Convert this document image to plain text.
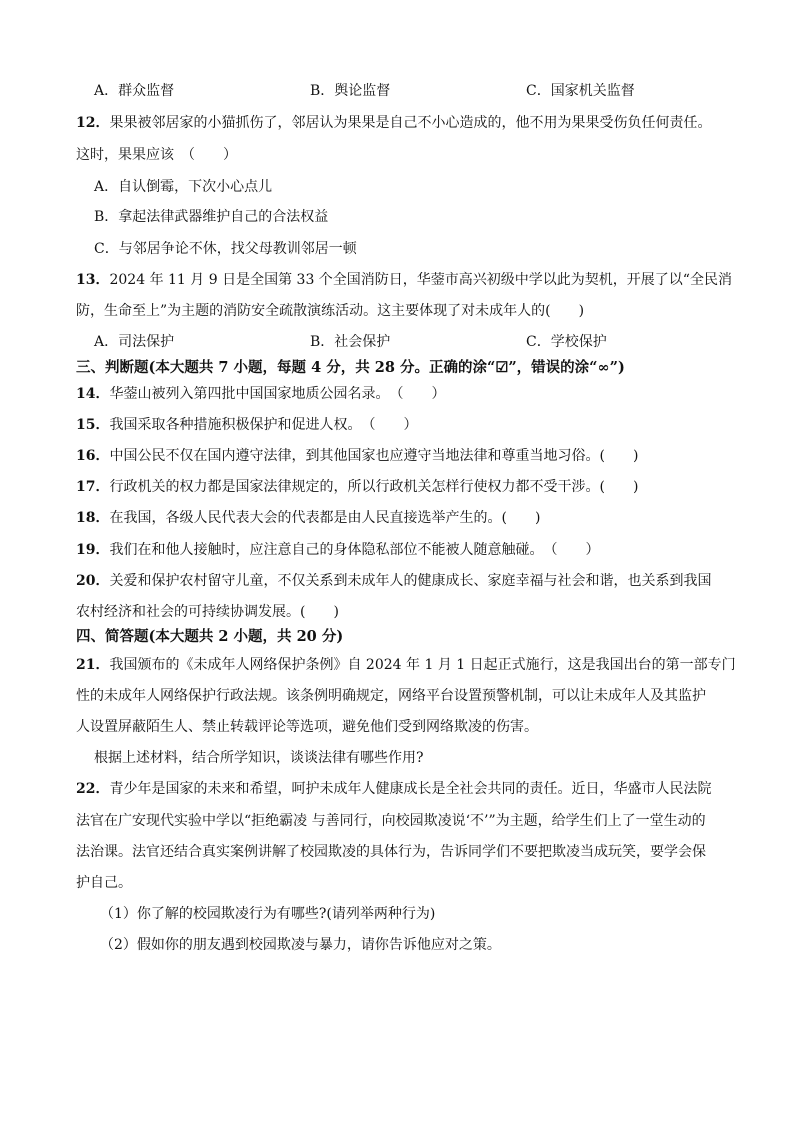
A．群众监督	B．舆论监督	C．国家机关监督
12．果果被邻居家的小猫抓伤了，邻居认为果果是自己不小心造成的，他不用为果果受伤负任何责任。
这时，果果应该　（　　）
A．自认倒霉，下次小心点儿
B．拿起法律武器维护自己的合法权益
C．与邻居争论不休，找父母教训邻居一顿
13．2024 年 11 月 9 日是全国第 33 个全国消防日，华蓥市高兴初级中学以此为契机，开展了以“全民消
防，生命至上”为主题的消防安全疏散演练活动。这主要体现了对未成年人的(　　)
A．司法保护	B．社会保护	C．学校保护
三、判断题(本大题共 7 小题，每题 4 分，共 28 分。正确的涂“☑”，错误的涂“∞”)
14．华蓥山被列入第四批中国国家地质公园名录。　（　　）
15．我国采取各种措施积极保护和促进人权。　（　　）
16．中国公民不仅在国内遵守法律，到其他国家也应遵守当地法律和尊重当地习俗。(　　)
17．行政机关的权力都是国家法律规定的，所以行政机关怎样行使权力都不受干涉。(　　)
18．在我国，各级人民代表大会的代表都是由人民直接选举产生的。(　　)
19．我们在和他人接触时，应注意自己的身体隐私部位不能被人随意触碰。　（　　）
20．关爱和保护农村留守儿童，不仅关系到未成年人的健康成长、家庭幸福与社会和谐，也关系到我国
农村经济和社会的可持续协调发展。(　　)
四、简答题(本大题共 2 小题，共 20 分)
21．我国颁布的《未成年人网络保护条例》自 2024 年 1 月 1 日起正式施行，这是我国出台的第一部专门
性的未成年人网络保护行政法规。该条例明确规定，网络平台设置预警机制，可以让未成年人及其监护
人设置屏蔽陌生人、禁止转载评论等选项，避免他们受到网络欺凌的伤害。
根据上述材料，结合所学知识，谈谈法律有哪些作用?
22．青少年是国家的未来和希望，呵护未成年人健康成长是全社会共同的责任。近日，华盛市人民法院
法官在广安现代实验中学以“拒绝霸凌 与善同行，向校园欺凌说‘不’”为主题，给学生们上了一堂生动的
法治课。法官还结合真实案例讲解了校园欺凌的具体行为，告诉同学们不要把欺凌当成玩笑，要学会保
护自己。
（1）你了解的校园欺凌行为有哪些?(请列举两种行为)
（2）假如你的朋友遇到校园欺凌与暴力，请你告诉他应对之策。
